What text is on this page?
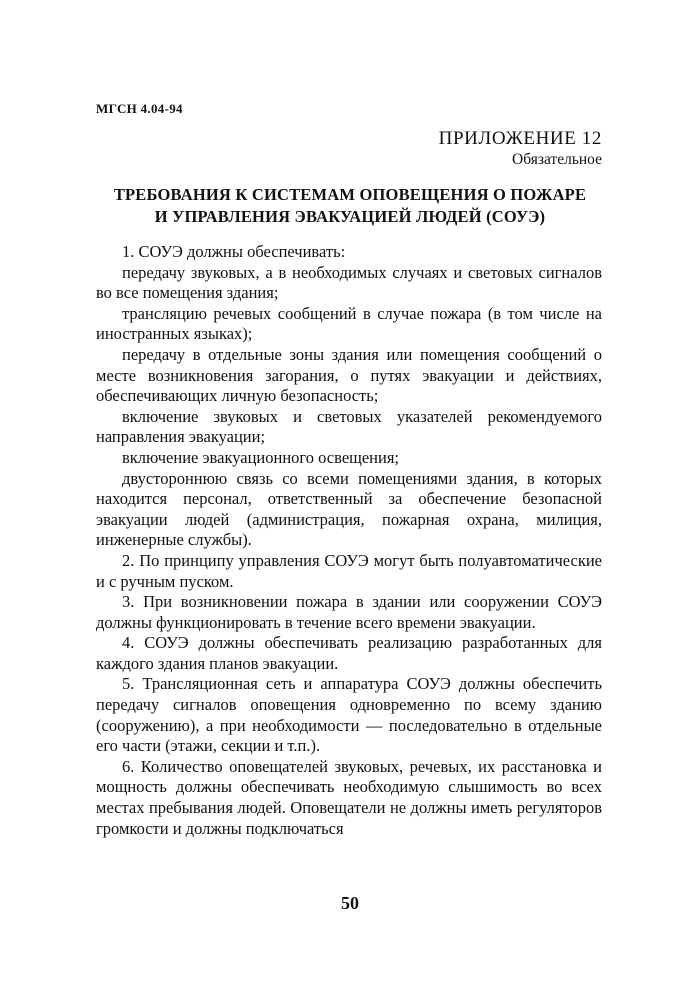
МГСН 4.04-94
ПРИЛОЖЕНИЕ 12
Обязательное
ТРЕБОВАНИЯ К СИСТЕМАМ ОПОВЕЩЕНИЯ О ПОЖАРЕ
И УПРАВЛЕНИЯ ЭВАКУАЦИЕЙ ЛЮДЕЙ (СОУЭ)

1. СОУЭ должны обеспечивать:

передачу звуковых, а в необходимых случаях и световых сигналов во все помещения здания;

трансляцию речевых сообщений в случае пожара (в том числе на иностранных языках);

передачу в отдельные зоны здания или помещения сообщений о месте возникновения загорания, о путях эвакуации и действиях, обеспечивающих личную безопасность;

включение звуковых и световых указателей рекомендуемого направления эвакуации;

включение эвакуационного освещения;

двустороннюю связь со всеми помещениями здания, в которых находится персонал, ответственный за обеспечение безопасной эвакуации людей (администрация, пожарная охрана, милиция, инженерные службы).

2. По принципу управления СОУЭ могут быть полуавтоматические и с ручным пуском.

3. При возникновении пожара в здании или сооружении СОУЭ должны функционировать в течение всего времени эвакуации.

4. СОУЭ должны обеспечивать реализацию разработанных для каждого здания планов эвакуации.

5. Трансляционная сеть и аппаратура СОУЭ должны обеспечить передачу сигналов оповещения одновременно по всему зданию (сооружению), а при необходимости — последовательно в отдельные его части (этажи, секции и т.п.).

6. Количество оповещателей звуковых, речевых, их расстановка и мощность должны обеспечивать необходимую слышимость во всех местах пребывания людей. Оповещатели не должны иметь регуляторов громкости и должны подключаться

50
